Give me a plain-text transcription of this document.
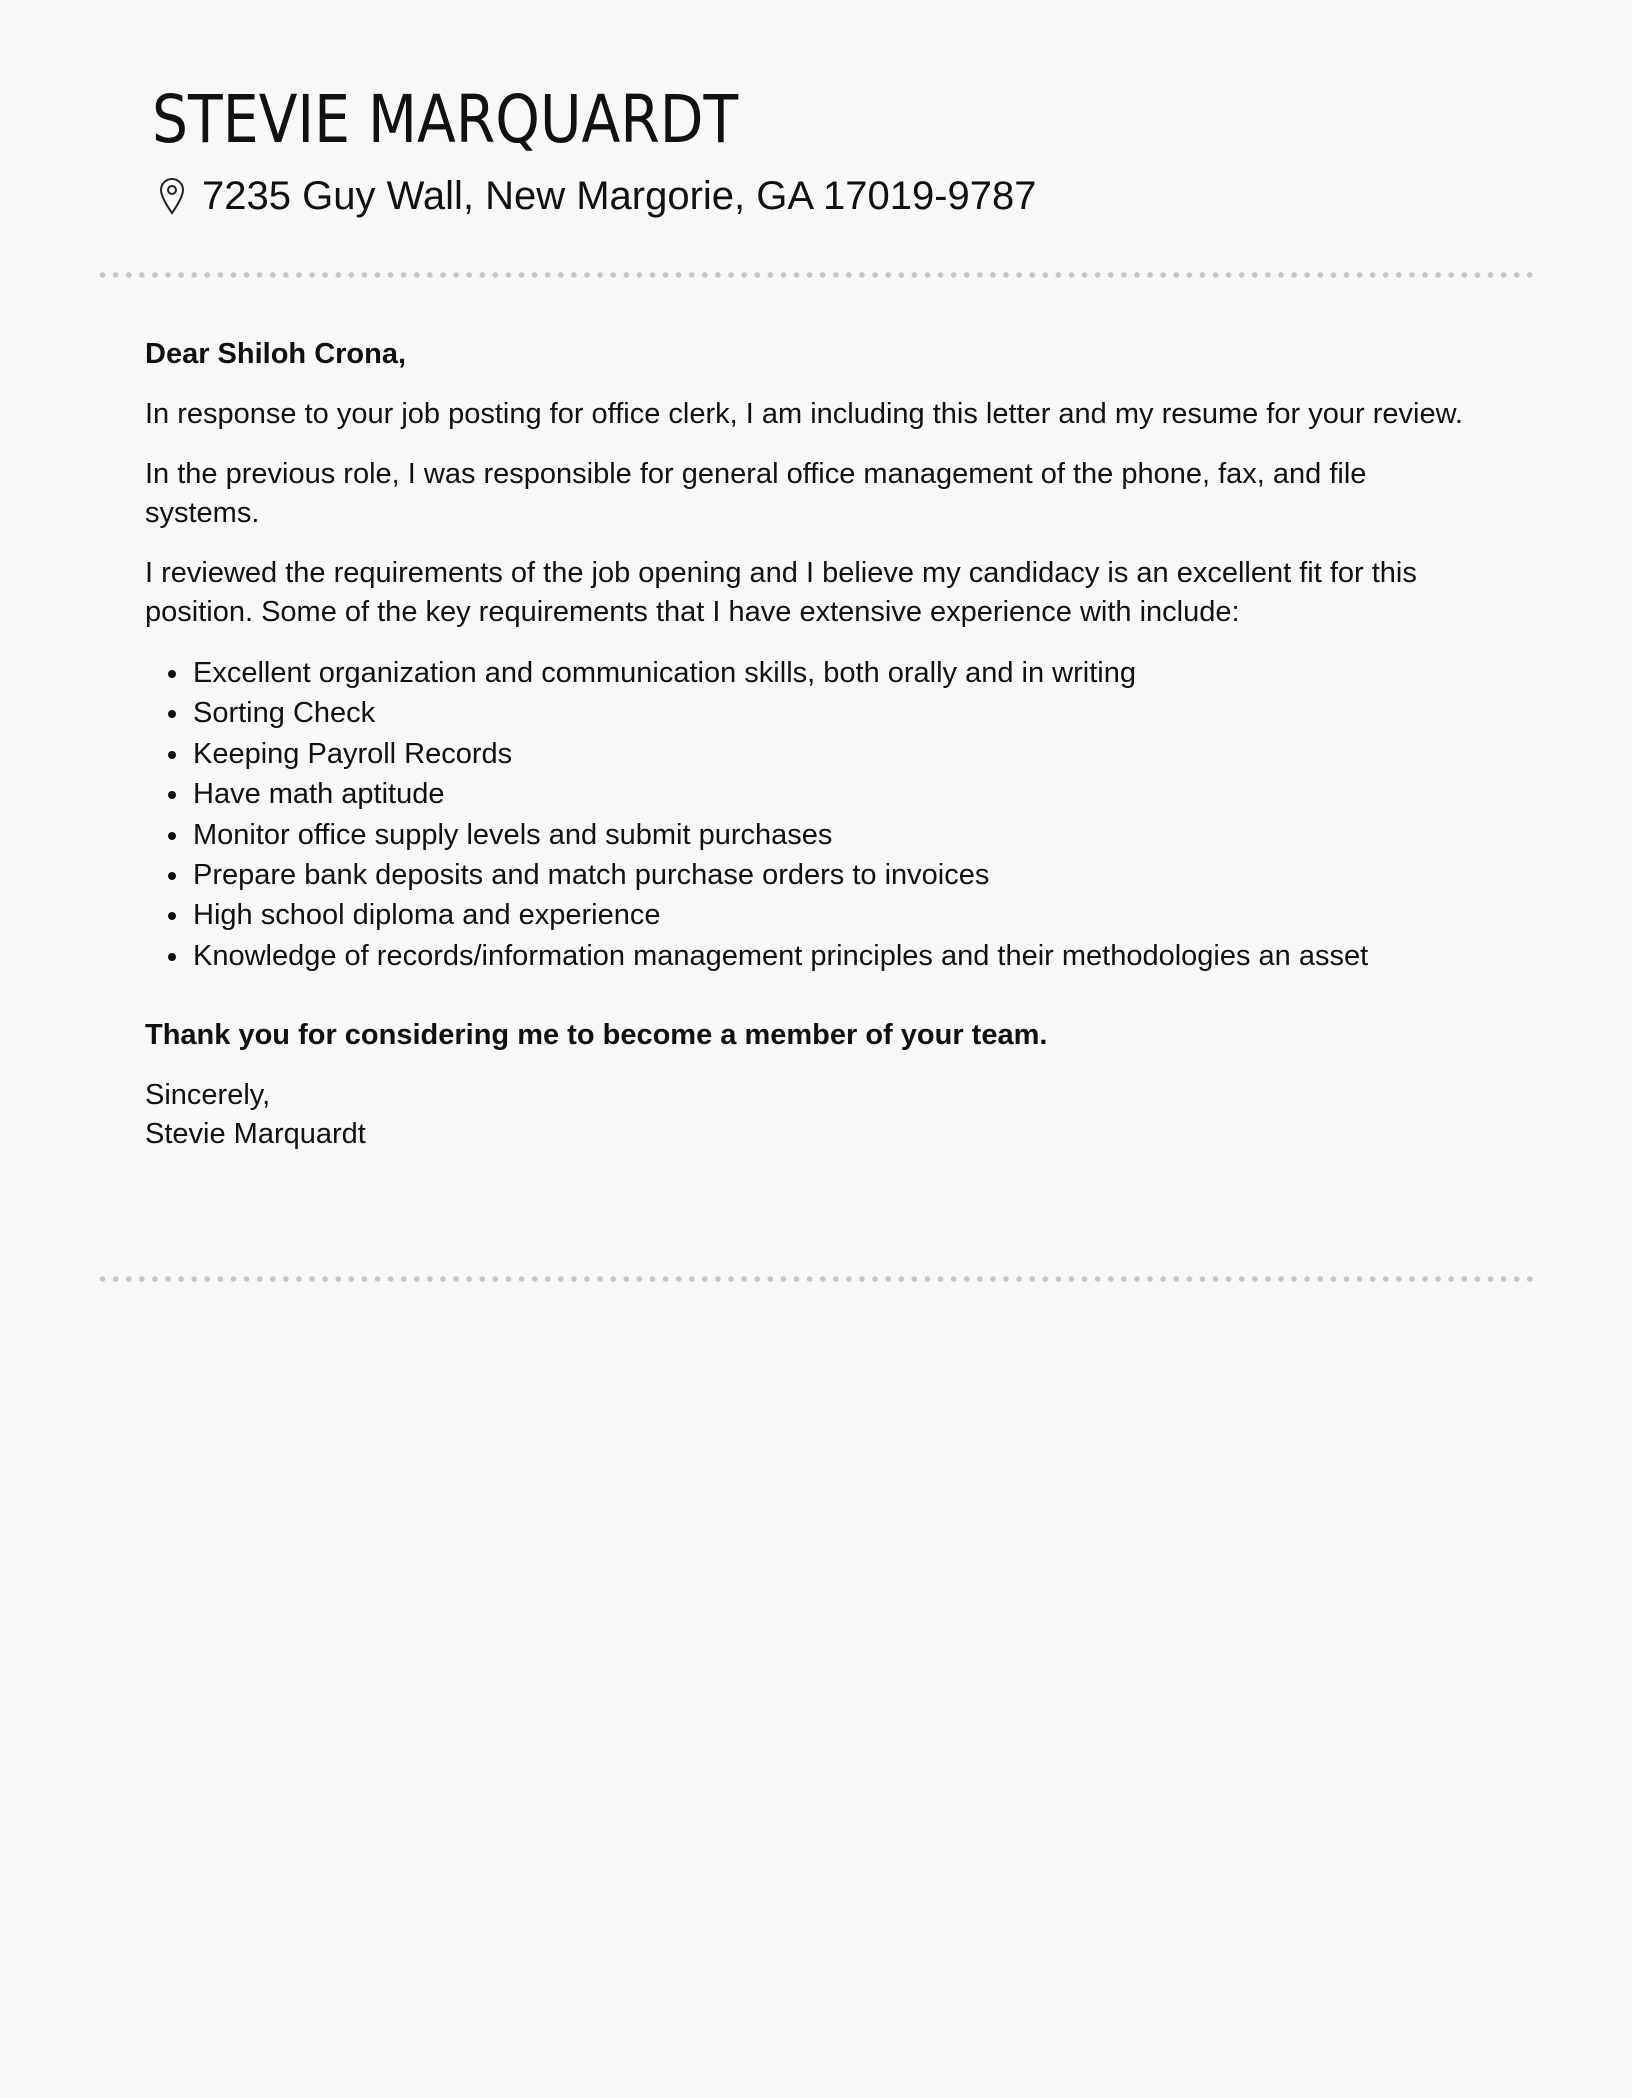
STEVIE MARQUARDT
7235 Guy Wall, New Margorie, GA 17019-9787

Dear Shiloh Crona,

In response to your job posting for office clerk, I am including this letter and my resume for your review.

In the previous role, I was responsible for general office management of the phone, fax, and file systems.

I reviewed the requirements of the job opening and I believe my candidacy is an excellent fit for this position. Some of the key requirements that I have extensive experience with include:

Excellent organization and communication skills, both orally and in writing
Sorting Check
Keeping Payroll Records
Have math aptitude
Monitor office supply levels and submit purchases
Prepare bank deposits and match purchase orders to invoices
High school diploma and experience
Knowledge of records/information management principles and their methodologies an asset

Thank you for considering me to become a member of your team.

Sincerely,

Stevie Marquardt
